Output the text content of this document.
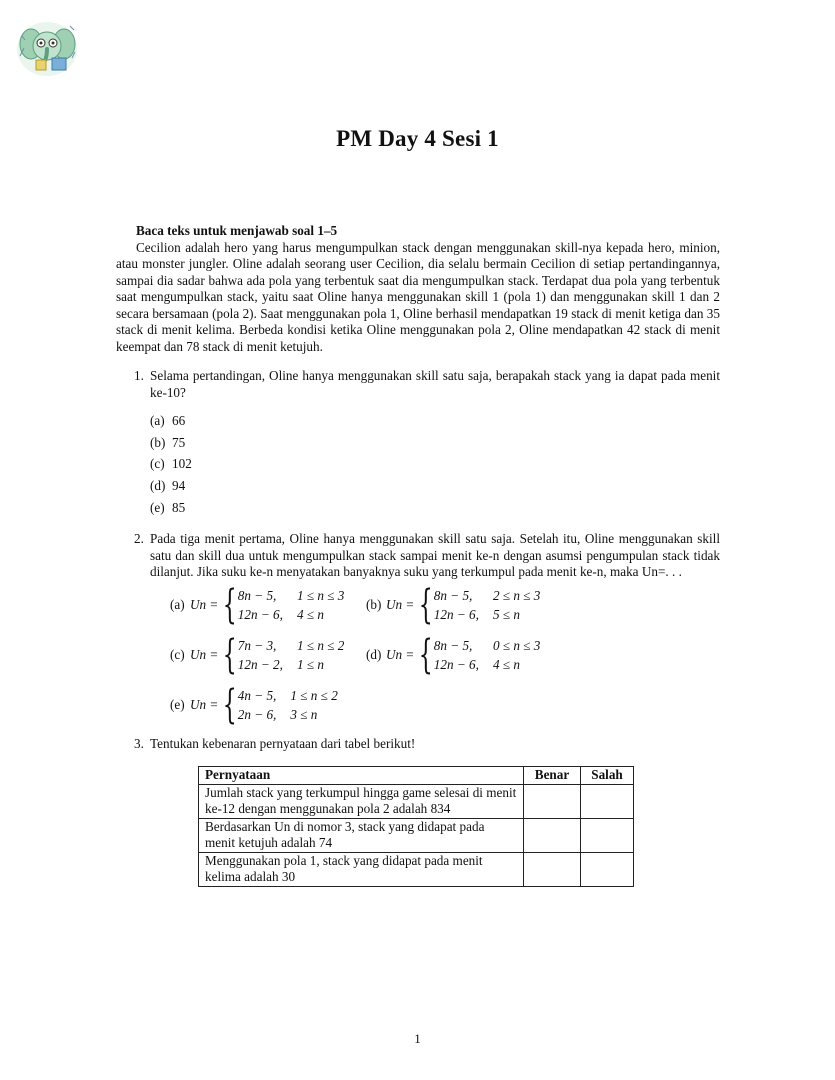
PM Day 4 Sesi 1
Baca teks untuk menjawab soal 1–5

Cecilion adalah hero yang harus mengumpulkan stack dengan menggunakan skill-nya kepada hero, minion, atau monster jungler. Oline adalah seorang user Cecilion, dia selalu bermain Cecilion di setiap pertandingannya, sampai dia sadar bahwa ada pola yang terbentuk saat dia mengumpulkan stack. Terdapat dua pola yang terbentuk saat mengumpulkan stack, yaitu saat Oline hanya menggunakan skill 1 (pola 1) dan menggunakan skill 1 dan 2 secara bersamaan (pola 2). Saat menggunakan pola 1, Oline berhasil mendapatkan 19 stack di menit ketiga dan 35 stack di menit kelima. Berbeda kondisi ketika Oline menggunakan pola 2, Oline mendapatkan 42 stack di menit keempat dan 78 stack di menit ketujuh.

1. Selama pertandingan, Oline hanya menggunakan skill satu saja, berapakah stack yang ia dapat pada menit ke-10?
(a) 66
(b) 75
(c) 102
(d) 94
(e) 85
2. Pada tiga menit pertama, Oline hanya menggunakan skill satu saja. Setelah itu, Oline menggunakan skill satu dan skill dua untuk mengumpulkan stack sampai menit ke-n dengan asumsi pengumpulan stack tidak dilanjut. Jika suku ke-n menyatakan banyaknya suku yang terkumpul pada menit ke-n, maka Un=. . .
(a) Un = { 8n − 5,	1 ≤ n ≤ 3
12n − 6, 4 ≤ n
(b) Un = { 8n − 5,	2 ≤ n ≤ 3
12n − 6, 5 ≤ n
(c) Un = { 7n − 3,	1 ≤ n ≤ 2
12n − 2, 1 ≤ n
(d) Un = { 8n − 5,	0 ≤ n ≤ 3
12n − 6, 4 ≤ n
(e) Un = { 4n − 5, 1 ≤ n ≤ 2
2n − 6, 3 ≤ n
3. Tentukan kebenaran pernyataan dari tabel berikut!
Pernyataan	Benar	Salah
Jumlah stack yang terkumpul hingga game selesai di menit ke-12 dengan menggunakan pola 2 adalah 834		
Berdasarkan Un di nomor 3, stack yang didapat pada menit ketujuh adalah 74		
Menggunakan pola 1, stack yang didapat pada menit kelima adalah 30		
1
